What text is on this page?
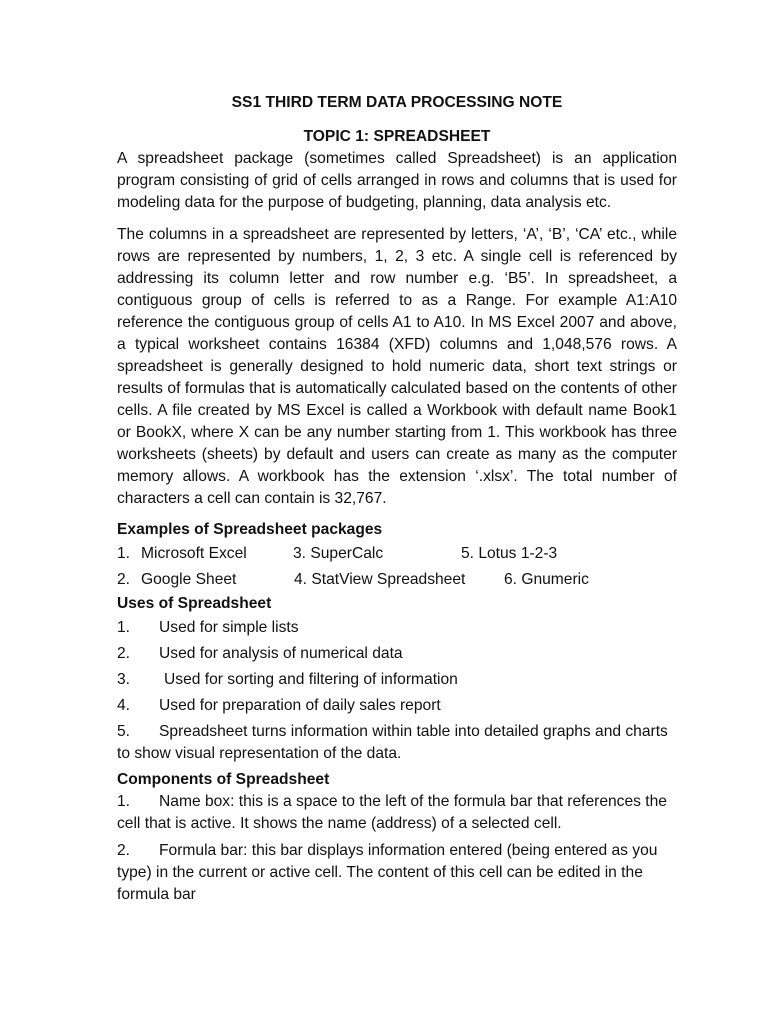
SS1 THIRD TERM DATA PROCESSING NOTE

TOPIC 1: SPREADSHEET

A spreadsheet package (sometimes called Spreadsheet) is an application program consisting of grid of cells arranged in rows and columns that is used for modeling data for the purpose of budgeting, planning, data analysis etc.

The columns in a spreadsheet are represented by letters, ‘A’, ‘B’, ‘CA’ etc., while rows are represented by numbers, 1, 2, 3 etc. A single cell is referenced by addressing its column letter and row number e.g. ‘B5’. In spreadsheet, a contiguous group of cells is referred to as a Range. For example A1:A10 reference the contiguous group of cells A1 to A10. In MS Excel 2007 and above, a typical worksheet contains 16384 (XFD) columns and 1,048,576 rows. A spreadsheet is generally designed to hold numeric data, short text strings or results of formulas that is automatically calculated based on the contents of other cells. A file created by MS Excel is called a Workbook with default name Book1 or BookX, where X can be any number starting from 1. This workbook has three worksheets (sheets) by default and users can create as many as the computer memory allows. A workbook has the extension ‘.xlsx’. The total number of characters a cell can contain is 32,767.

Examples of Spreadsheet packages

1. Microsoft Excel	3. SuperCalc	5. Lotus 1-2-3
2. Google Sheet	4. StatView Spreadsheet 6. Gnumeric

Uses of Spreadsheet

1. Used for simple lists

2. Used for analysis of numerical data

3. Used for sorting and filtering of information

4. Used for preparation of daily sales report

5. Spreadsheet turns information within table into detailed graphs and charts

to show visual representation of the data.

Components of Spreadsheet

1. Name box: this is a space to the left of the formula bar that references the

cell that is active. It shows the name (address) of a selected cell.

2. Formula bar: this bar displays information entered (being entered as you

type) in the current or active cell. The content of this cell can be edited in the

formula bar
